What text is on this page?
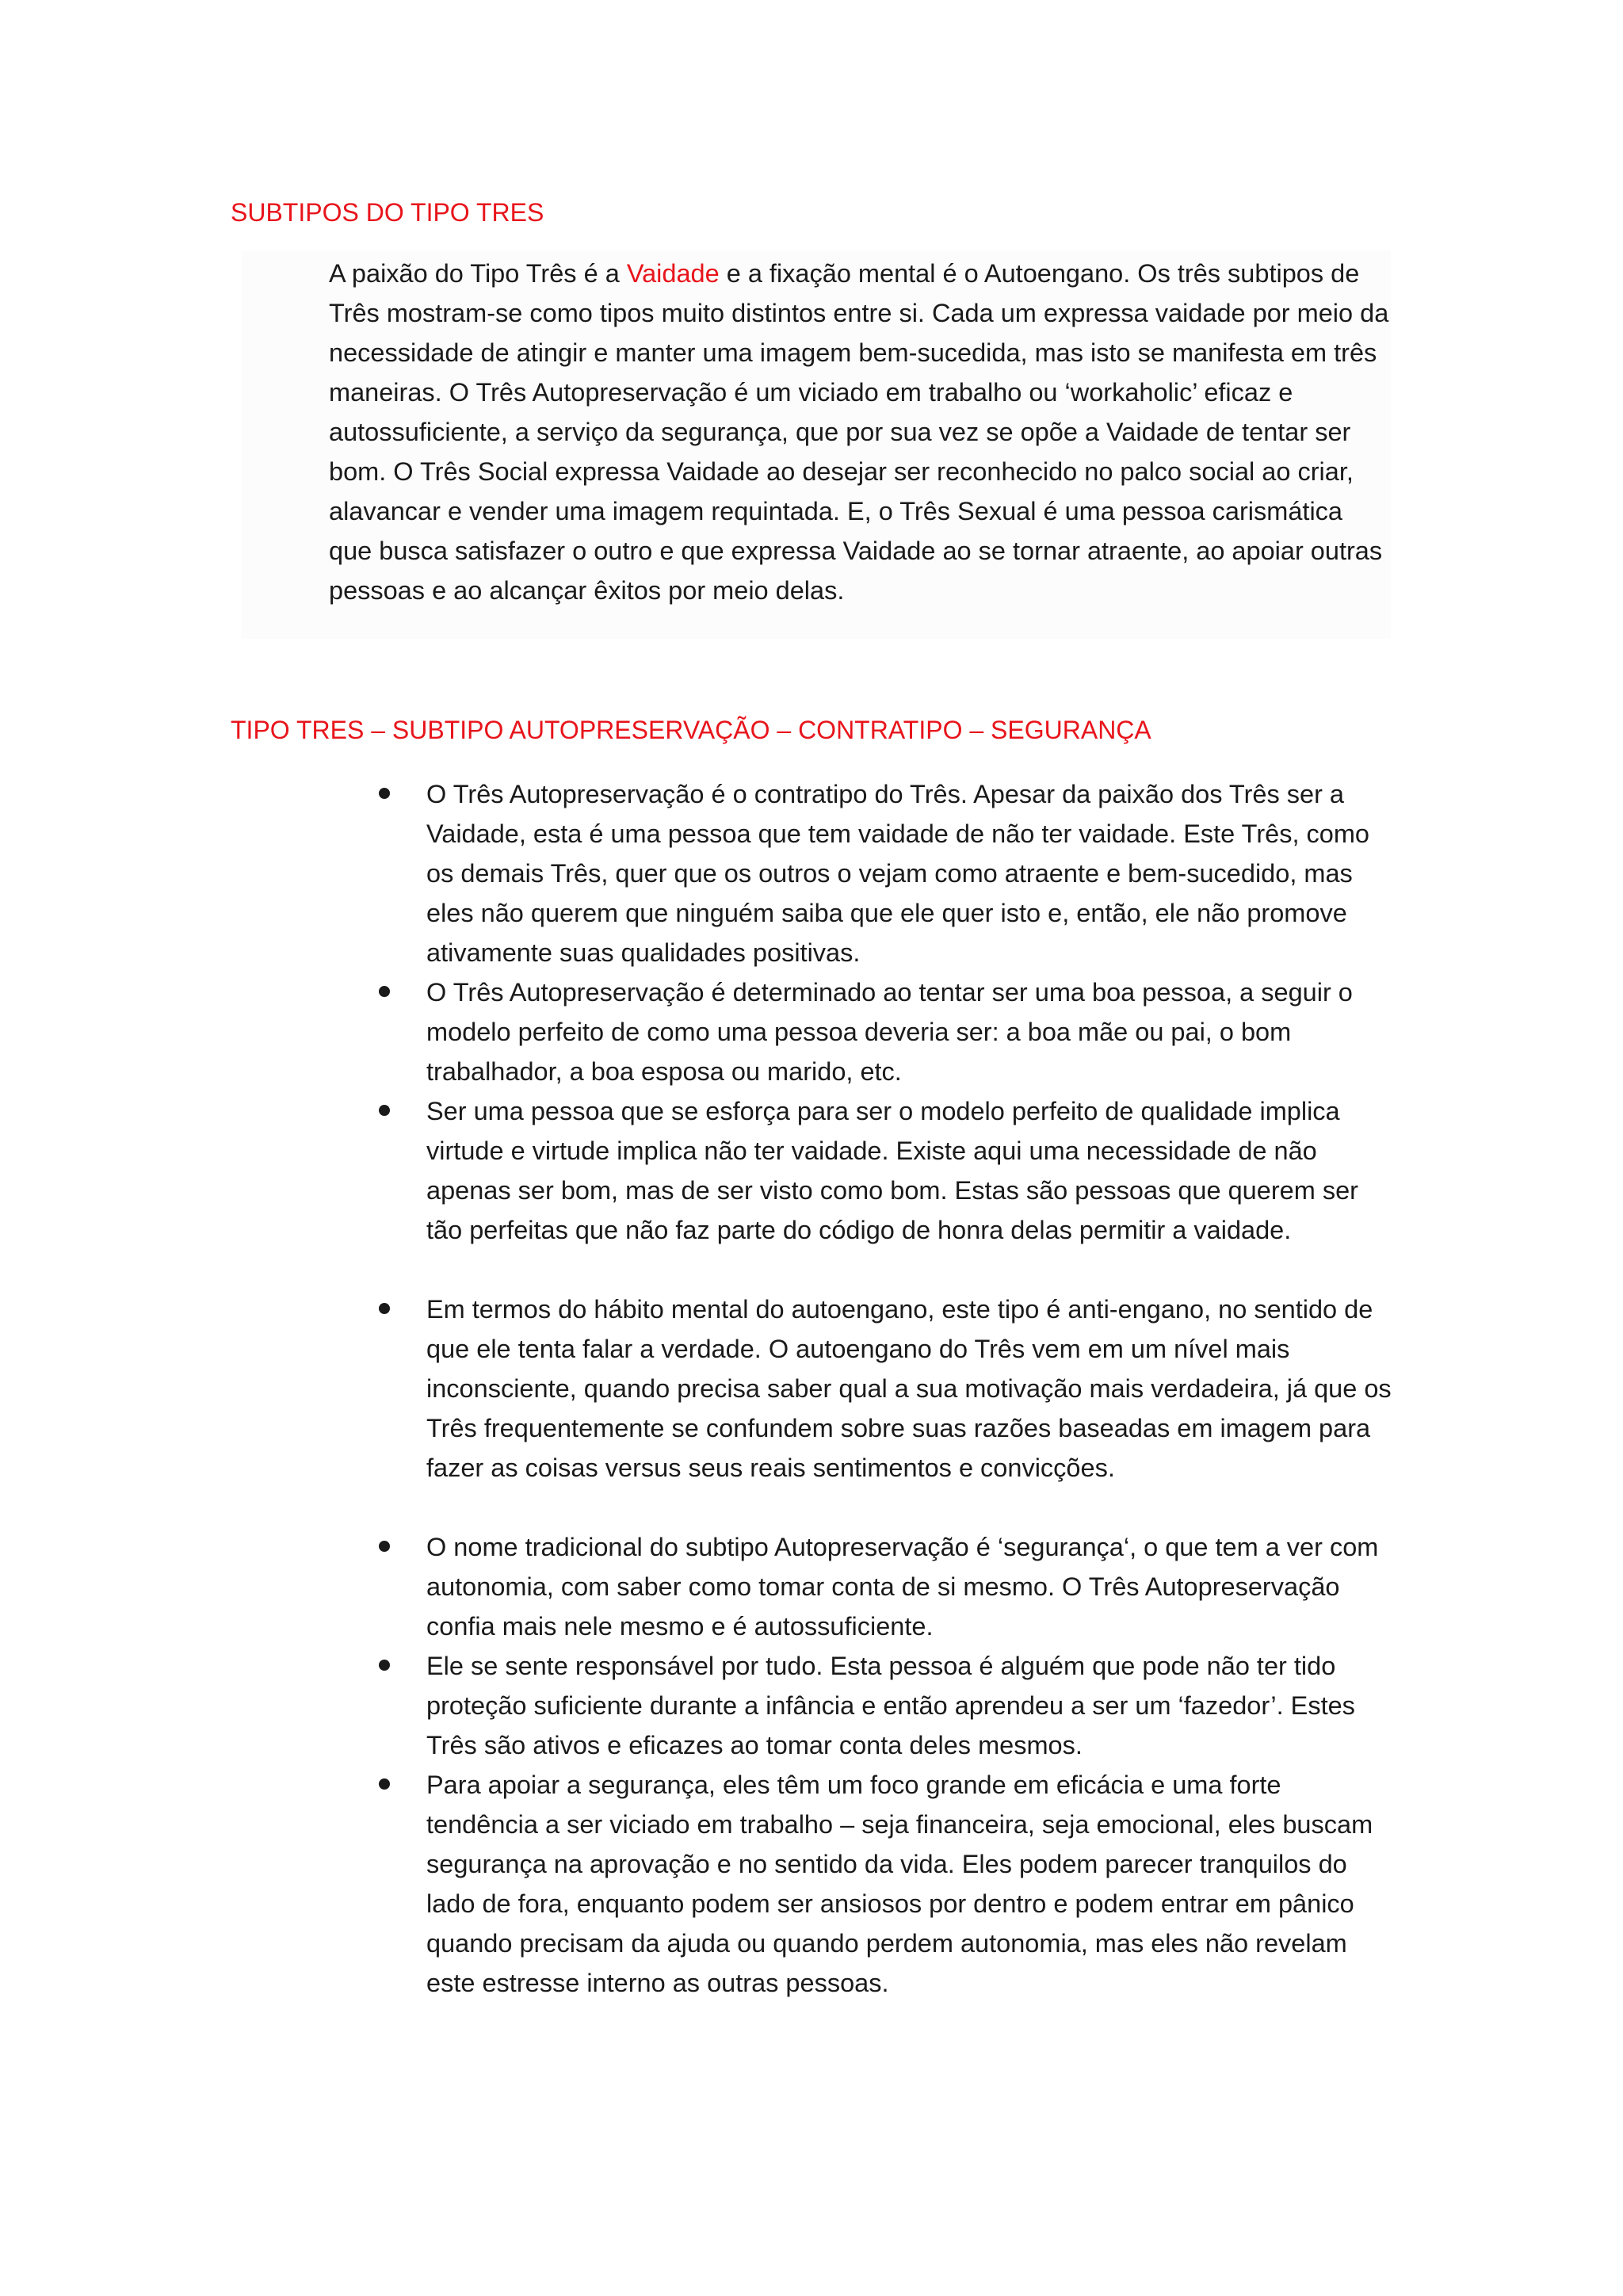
SUBTIPOS DO TIPO TRES

A paixão do Tipo Três é a Vaidade e a fixação mental é o Autoengano. Os três subtipos de Três mostram-se como tipos muito distintos entre si. Cada um expressa vaidade por meio da necessidade de atingir e manter uma imagem bem-sucedida, mas isto se manifesta em três maneiras. O Três Autopreservação é um viciado em trabalho ou ‘workaholic’ eficaz e autossuficiente, a serviço da segurança, que por sua vez se opõe a Vaidade de tentar ser bom. O Três Social expressa Vaidade ao desejar ser reconhecido no palco social ao criar, alavancar e vender uma imagem requintada. E, o Três Sexual é uma pessoa carismática que busca satisfazer o outro e que expressa Vaidade ao se tornar atraente, ao apoiar outras pessoas e ao alcançar êxitos por meio delas.

TIPO TRES – SUBTIPO AUTOPRESERVAÇÃO – CONTRATIPO – SEGURANÇA
O Três Autopreservação é o contratipo do Três. Apesar da paixão dos Três ser a Vaidade, esta é uma pessoa que tem vaidade de não ter vaidade. Este Três, como os demais Três, quer que os outros o vejam como atraente e bem-sucedido, mas eles não querem que ninguém saiba que ele quer isto e, então, ele não promove ativamente suas qualidades positivas.
O Três Autopreservação é determinado ao tentar ser uma boa pessoa, a seguir o modelo perfeito de como uma pessoa deveria ser: a boa mãe ou pai, o bom trabalhador, a boa esposa ou marido, etc.
Ser uma pessoa que se esforça para ser o modelo perfeito de qualidade implica virtude e virtude implica não ter vaidade. Existe aqui uma necessidade de não apenas ser bom, mas de ser visto como bom. Estas são pessoas que querem ser tão perfeitas que não faz parte do código de honra delas permitir a vaidade.
Em termos do hábito mental do autoengano, este tipo é anti-engano, no sentido de que ele tenta falar a verdade. O autoengano do Três vem em um nível mais inconsciente, quando precisa saber qual a sua motivação mais verdadeira, já que os Três frequentemente se confundem sobre suas razões baseadas em imagem para fazer as coisas versus seus reais sentimentos e convicções.
O nome tradicional do subtipo Autopreservação é ‘segurança‘, o que tem a ver com autonomia, com saber como tomar conta de si mesmo. O Três Autopreservação confia mais nele mesmo e é autossuficiente.
Ele se sente responsável por tudo. Esta pessoa é alguém que pode não ter tido proteção suficiente durante a infância e então aprendeu a ser um ‘fazedor’. Estes Três são ativos e eficazes ao tomar conta deles mesmos.
Para apoiar a segurança, eles têm um foco grande em eficácia e uma forte tendência a ser viciado em trabalho – seja financeira, seja emocional, eles buscam segurança na aprovação e no sentido da vida. Eles podem parecer tranquilos do lado de fora, enquanto podem ser ansiosos por dentro e podem entrar em pânico quando precisam da ajuda ou quando perdem autonomia, mas eles não revelam este estresse interno as outras pessoas.
